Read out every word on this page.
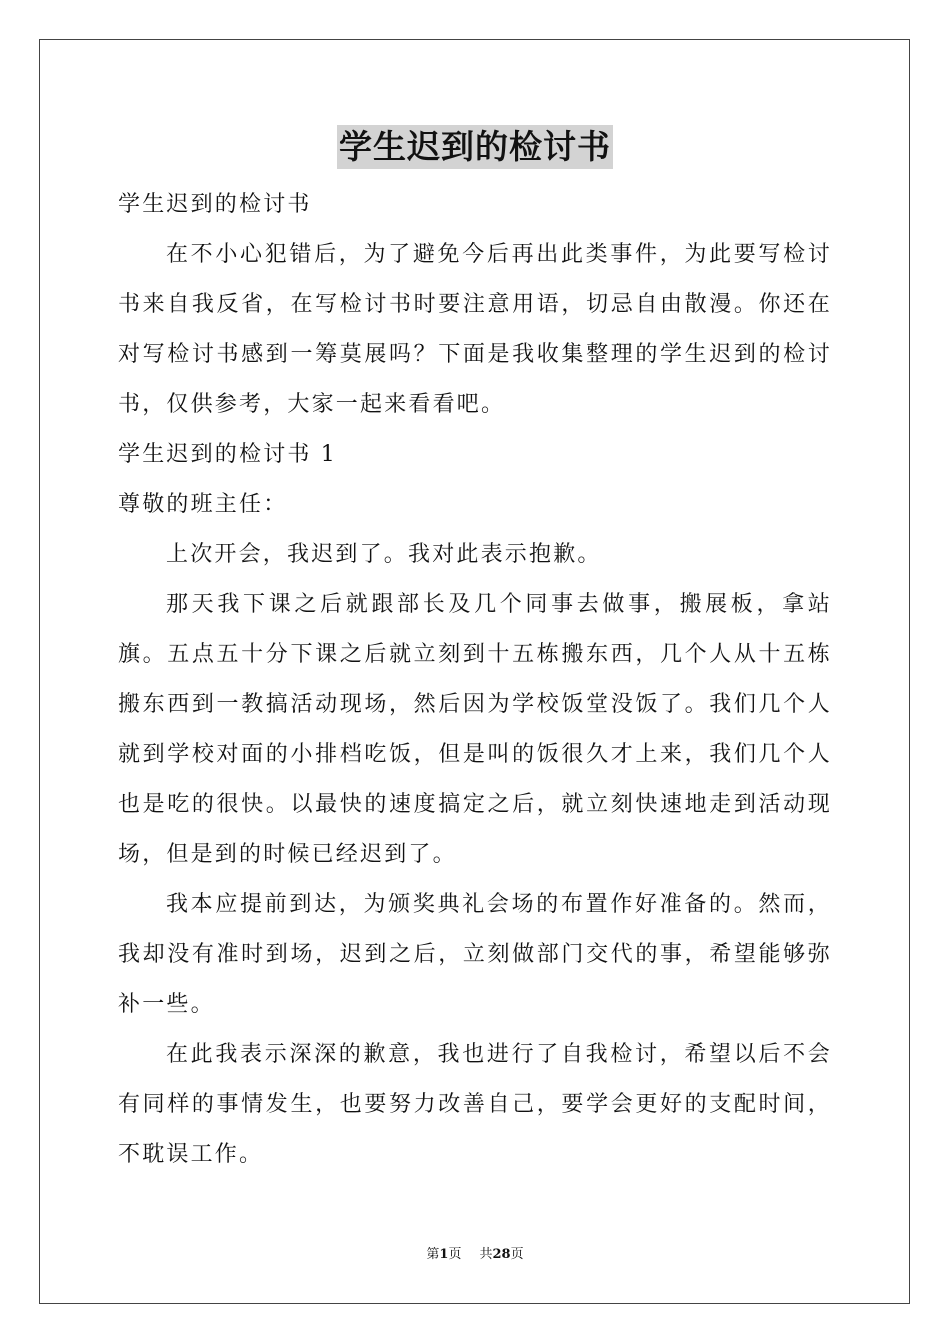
学生迟到的检讨书

学生迟到的检讨书

在不小心犯错后，为了避免今后再出此类事件，为此要写检讨书来自我反省，在写检讨书时要注意用语，切忌自由散漫。你还在对写检讨书感到一筹莫展吗？下面是我收集整理的学生迟到的检讨书，仅供参考，大家一起来看看吧。

学生迟到的检讨书 1

尊敬的班主任：

上次开会，我迟到了。我对此表示抱歉。

那天我下课之后就跟部长及几个同事去做事，搬展板，拿站旗。五点五十分下课之后就立刻到十五栋搬东西，几个人从十五栋搬东西到一教搞活动现场，然后因为学校饭堂没饭了。我们几个人就到学校对面的小排档吃饭，但是叫的饭很久才上来，我们几个人也是吃的很快。以最快的速度搞定之后，就立刻快速地走到活动现场，但是到的时候已经迟到了。

我本应提前到达，为颁奖典礼会场的布置作好准备的。然而，我却没有准时到场，迟到之后，立刻做部门交代的事，希望能够弥补一些。

在此我表示深深的歉意，我也进行了自我检讨，希望以后不会有同样的事情发生，也要努力改善自己，要学会更好的支配时间，不耽误工作。

第1页 共28页
